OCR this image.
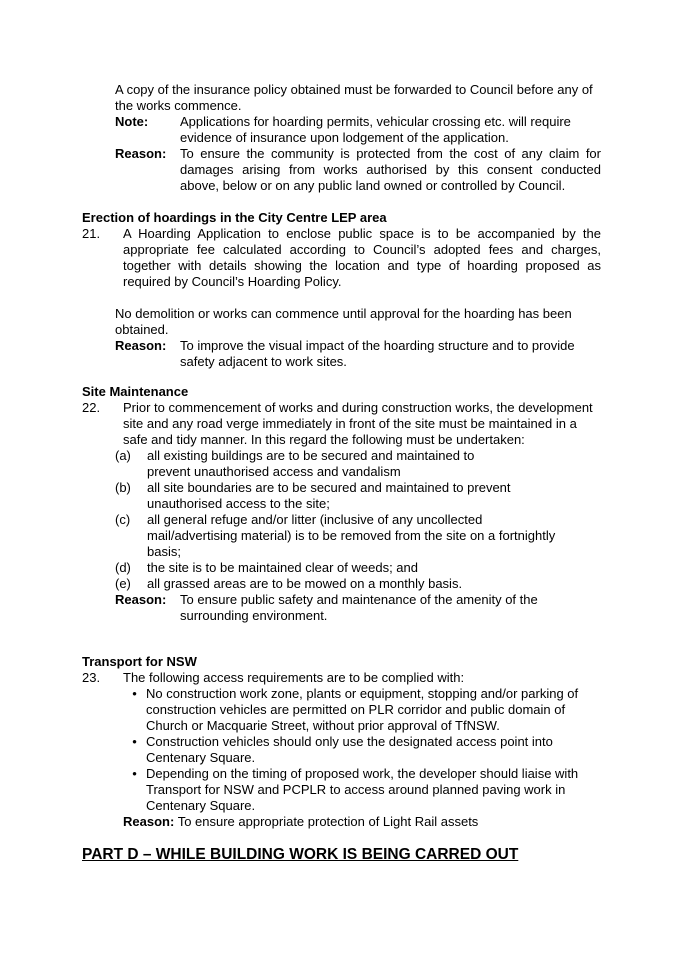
A copy of the insurance policy obtained must be forwarded to Council before any of the works commence.

Note:	Applications for hoarding permits, vehicular crossing etc. will require evidence of insurance upon lodgement of the application.
Reason:	To ensure the community is protected from the cost of any claim for damages arising from works authorised by this consent conducted above, below or on any public land owned or controlled by Council.

Erection of hoardings in the City Centre LEP area

21.	A Hoarding Application to enclose public space is to be accompanied by the appropriate fee calculated according to Council’s adopted fees and charges, together with details showing the location and type of hoarding proposed as required by Council’s Hoarding Policy.

No demolition or works can commence until approval for the hoarding has been obtained.

Reason:	To improve the visual impact of the hoarding structure and to provide safety adjacent to work sites.

Site Maintenance

22.	Prior to commencement of works and during construction works, the development site and any road verge immediately in front of the site must be maintained in a safe and tidy manner. In this regard the following must be undertaken:
(a)	all existing buildings are to be secured and maintained to prevent unauthorised access and vandalism
(b)	all site boundaries are to be secured and maintained to prevent unauthorised access to the site;
(c)	all general refuge and/or litter (inclusive of any uncollected mail/advertising material) is to be removed from the site on a fortnightly basis;
(d)	the site is to be maintained clear of weeds; and
(e)	all grassed areas are to be mowed on a monthly basis.
Reason:	To ensure public safety and maintenance of the amenity of the surrounding environment.

Transport for NSW

23.	The following access requirements are to be complied with:
• No construction work zone, plants or equipment, stopping and/or parking of construction vehicles are permitted on PLR corridor and public domain of Church or Macquarie Street, without prior approval of TfNSW.
• Construction vehicles should only use the designated access point into Centenary Square.
• Depending on the timing of proposed work, the developer should liaise with Transport for NSW and PCPLR to access around planned paving work in Centenary Square.
Reason: To ensure appropriate protection of Light Rail assets

PART D – WHILE BUILDING WORK IS BEING CARRED OUT
